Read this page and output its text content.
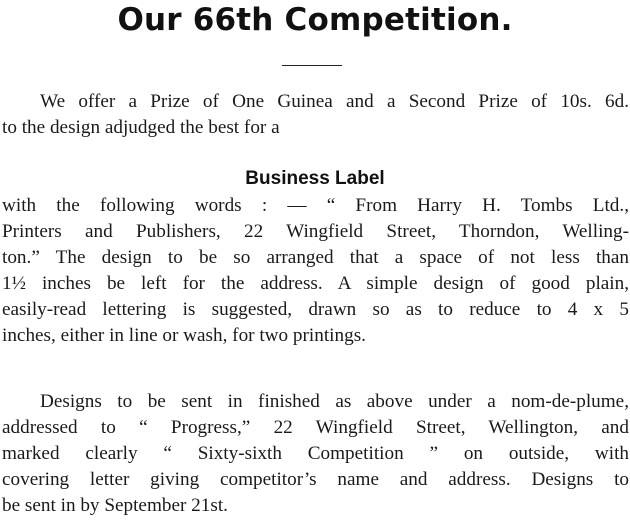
Our 66th Competition.
We offer a Prize of One Guinea and a Second Prize of 10s. 6d.
to the design adjudged the best for a
Business Label
with the following words : — “ From Harry H. Tombs Ltd.,
Printers and Publishers, 22 Wingfield Street, Thorndon, Welling-
ton.” The design to be so arranged that a space of not less than
1½ inches be left for the address. A simple design of good plain,
easily-read lettering is suggested, drawn so as to reduce to 4 x 5
inches, either in line or wash, for two printings.
Designs to be sent in finished as above under a nom-de-plume,
addressed to “ Progress,” 22 Wingfield Street, Wellington, and
marked clearly “ Sixty-sixth Competition ” on outside, with
covering letter giving competitor’s name and address. Designs to
be sent in by September 21st.
